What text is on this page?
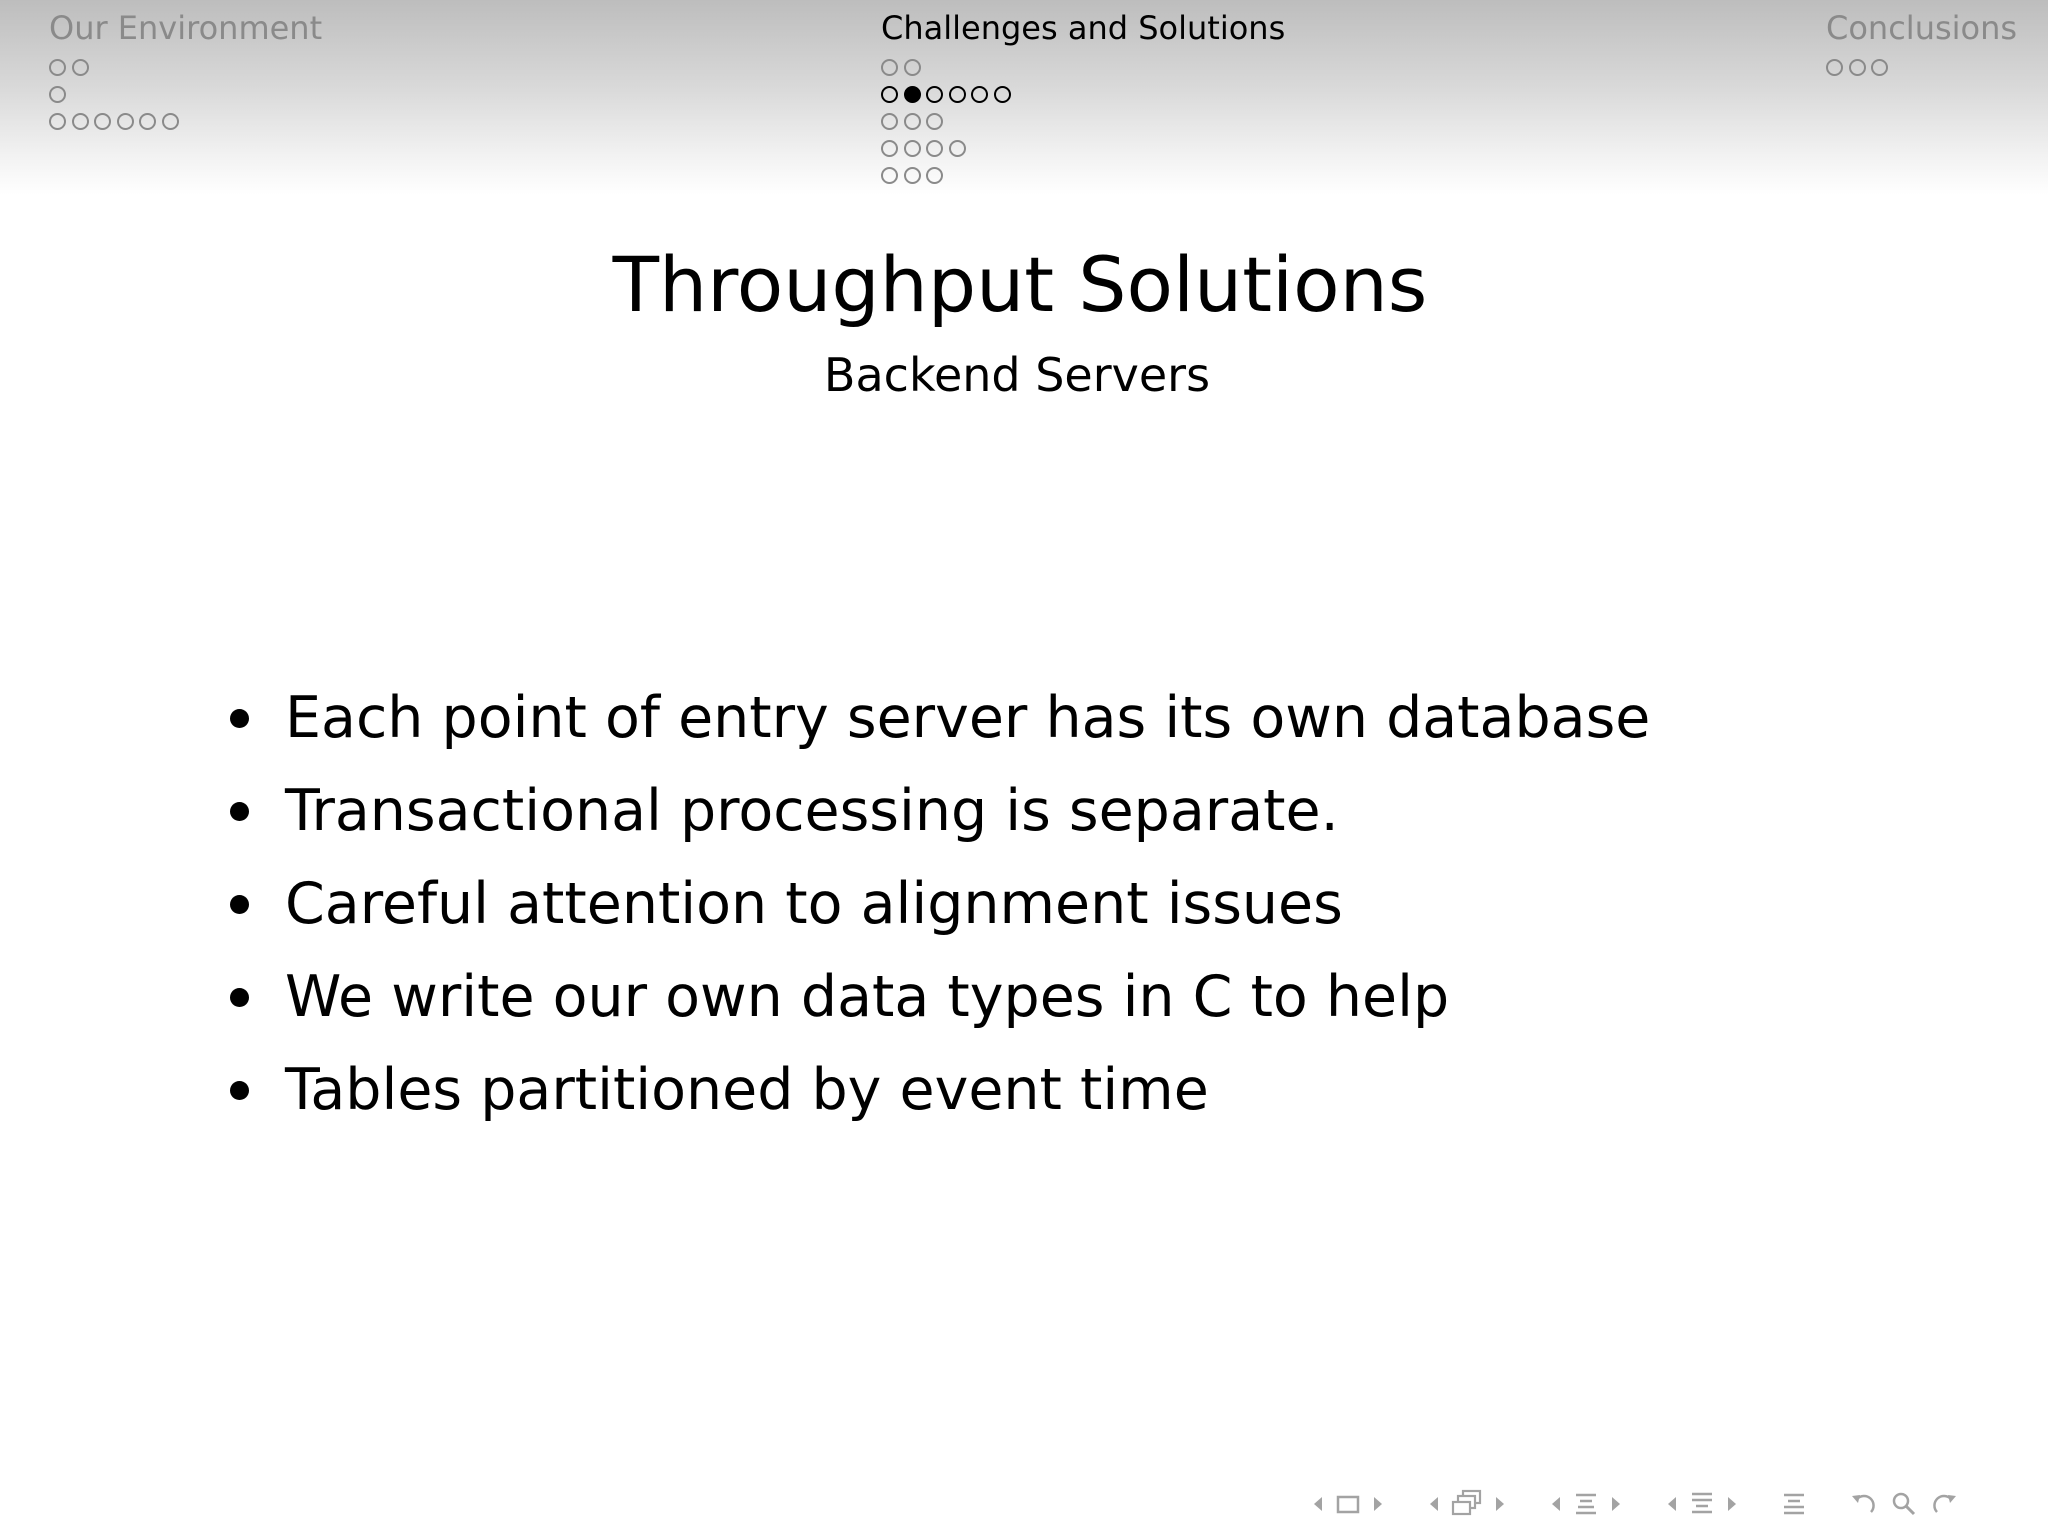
Our Environment	Challenges and Solutions	Conclusions
Throughput Solutions
Backend Servers
Each point of entry server has its own database
Transactional processing is separate.
Careful attention to alignment issues
We write our own data types in C to help
Tables partitioned by event time
